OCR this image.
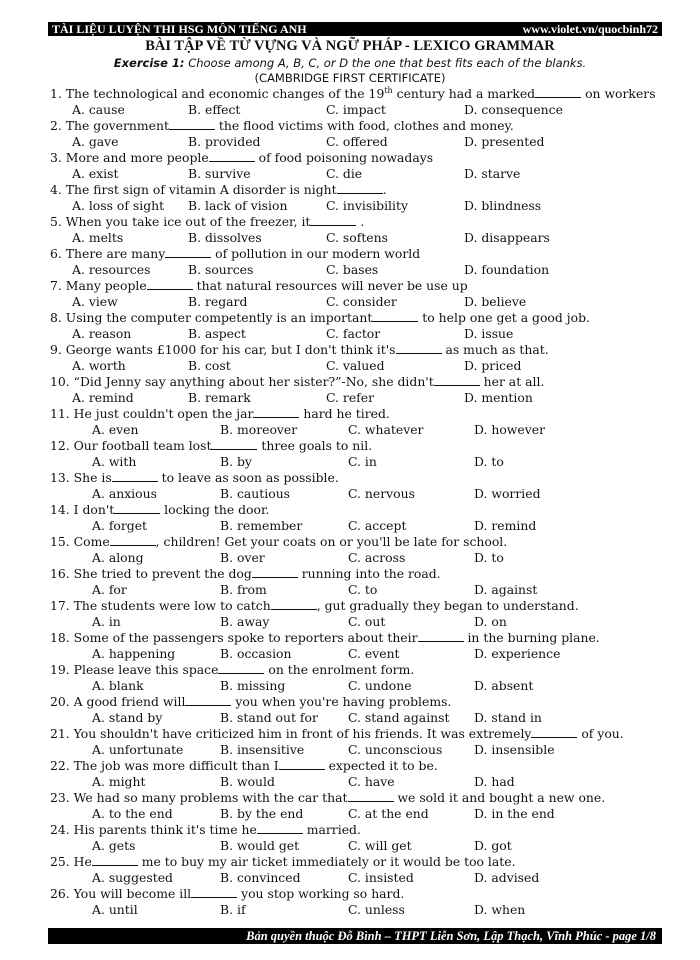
TÀI LIỆU LUYỆN THI HSG MÔN TIẾNG ANH	www.violet.vn/quocbinh72
BÀI TẬP VỀ TỪ VỰNG VÀ NGỮ PHÁP - LEXICO GRAMMAR
Exercise 1: Choose among A, B, C, or D the one that best fits each of the blanks.
(CAMBRIDGE FIRST CERTIFICATE)
1. The technological and economic changes of the 19th century had a marked	on workers
A. cause	B. effect	C. impact	D. consequence
2. The government	the flood victims with food, clothes and money.
A. gave	B. provided	C. offered	D. presented
3. More and more people	of food poisoning nowadays
A. exist	B. survive	C. die	D. starve
4. The first sign of vitamin A disorder is night	.
A. loss of sight B. lack of vision	C. invisibility	D. blindness
5. When you take ice out of the freezer, it	.
A. melts	B. dissolves	C. softens	D. disappears
6. There are many	of pollution in our modern world
A. resources	B. sources	C. bases	D. foundation
7. Many people	that natural resources will never be use up
A. view	B. regard	C. consider	D. believe
8. Using the computer competently is an important	to help one get a good job.
A. reason	B. aspect	C. factor	D. issue
9. George wants £1000 for his car, but I don't think it's	as much as that.
A. worth	B. cost	C. valued	D. priced
10. “Did Jenny say anything about her sister?”-No, she didn't	her at all.
A. remind	B. remark	C. refer	D. mention
11. He just couldn't open the jar	hard he tired.
A. even	B. moreover	C. whatever	D. however
12. Our football team lost	three goals to nil.
A. with	B. by	C. in	D. to
13. She is	to leave as soon as possible.
A. anxious	B. cautious	C. nervous	D. worried
14. I don't	locking the door.
A. forget	B. remember	C. accept	D. remind
15. Come	, children! Get your coats on or you'll be late for school.
A. along	B. over	C. across	D. to
16. She tried to prevent the dog	running into the road.
A. for	B. from	C. to	D. against
17. The students were low to catch	, gut gradually they began to understand.
A. in	B. away	C. out	D. on
18. Some of the passengers spoke to reporters about their	in the burning plane.
A. happening	B. occasion	C. event	D. experience
19. Please leave this space	on the enrolment form.
A. blank	B. missing	C. undone	D. absent
20. A good friend will	you when you're having problems.
A. stand by	B. stand out for C. stand against D. stand in
21. You shouldn't have criticized him in front of his friends. It was extremely	of you.
A. unfortunate	B. insensitive	C. unconscious	D. insensible
22. The job was more difficult than I	expected it to be.
A. might	B. would	C. have	D. had
23. We had so many problems with the car that	we sold it and bought a new one.
A. to the end	B. by the end	C. at the end	D. in the end
24. His parents think it's time he	married.
A. gets	B. would get	C. will get	D. got
25. He	me to buy my air ticket immediately or it would be too late.
A. suggested	B. convinced	C. insisted	D. advised
26. You will become ill	you stop working so hard.
A. until	B. if	C. unless	D. when
Bản quyền thuộc Đỗ Bình – THPT Liễn Sơn, Lập Thạch, Vĩnh Phúc - page 1/8
